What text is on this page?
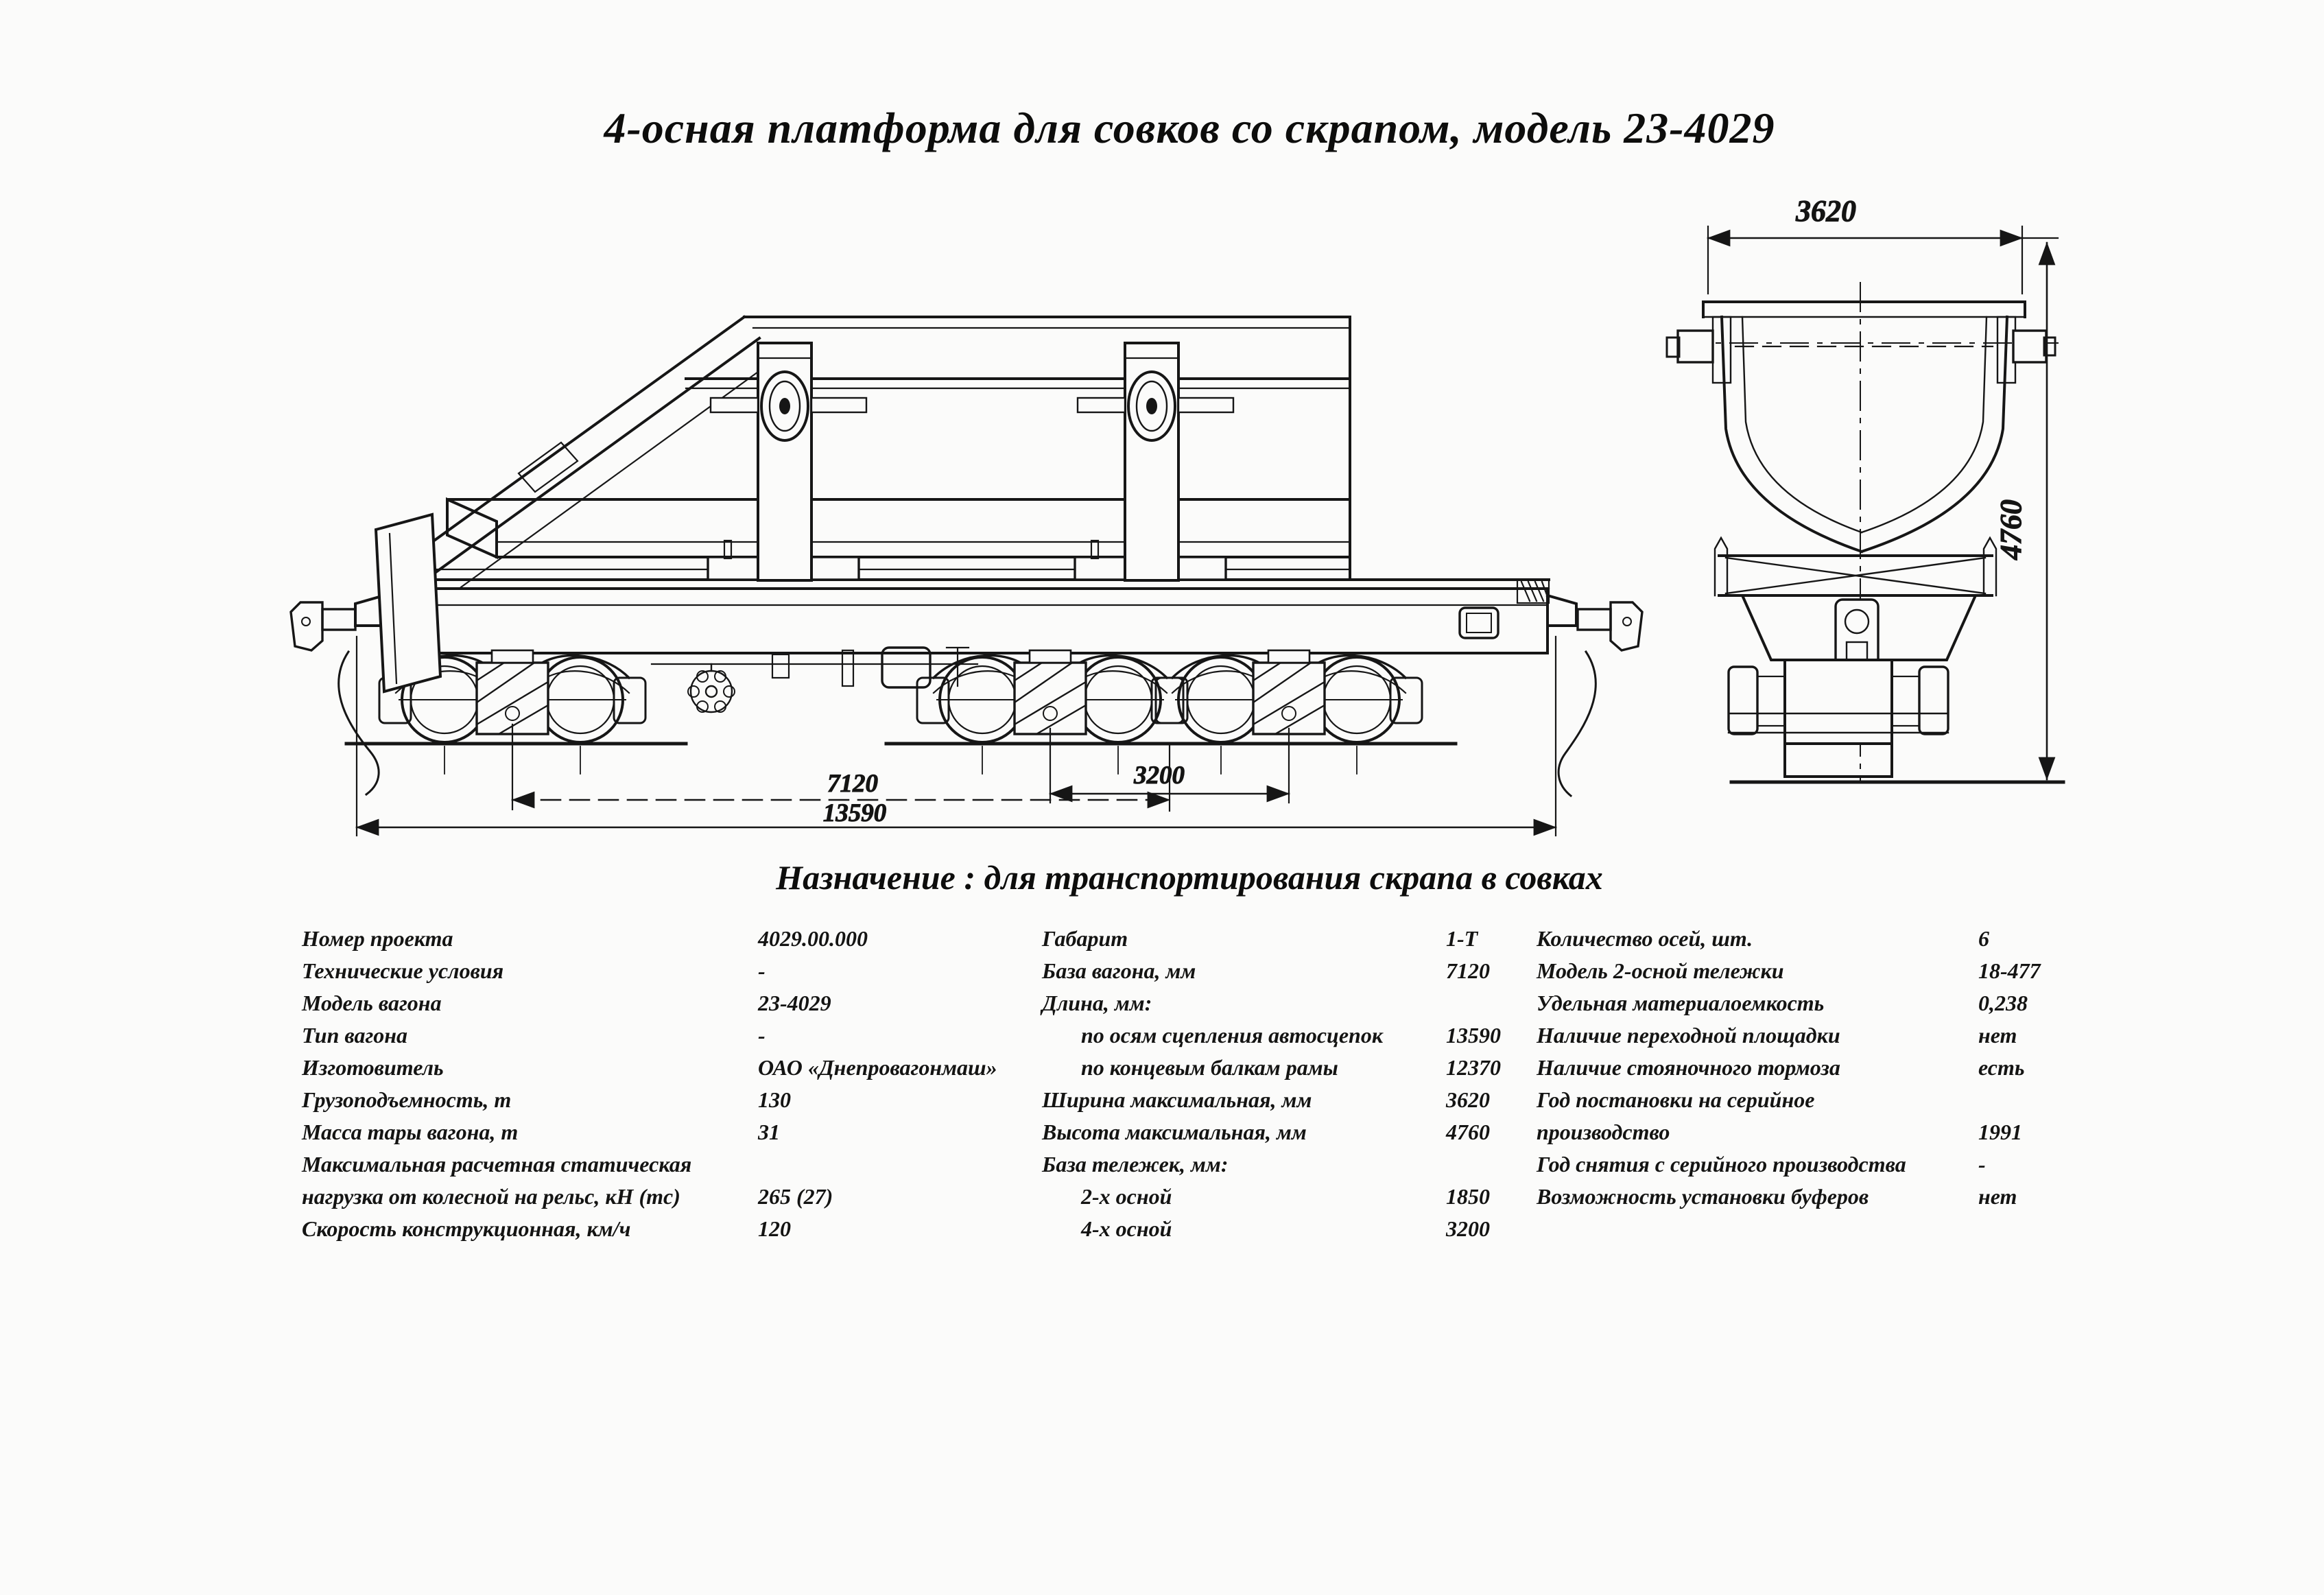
4-осная платформа для совков со скрапом, модель 23-4029
3200
7120
13590
3620
4760
Назначение : для транспортирования скрапа в совках
Номер проекта	4029.00.000
Технические условия	-
Модель вагона	23-4029
Тип вагона	-
Изготовитель	ОАО «Днепровагонмаш»
Грузоподъемность, т	130
Масса тары вагона, т	31
Максимальная расчетная статическая
нагрузка от колесной на рельс, кН (тс)	265 (27)
Скорость конструкционная, км/ч	120
Габарит	1-Т
База вагона, мм	7120
Длина, мм:
по осям сцепления автосцепок	13590
по концевым балкам рамы	12370
Ширина максимальная, мм	3620
Высота максимальная, мм	4760
База тележек, мм:
2-х осной	1850
4-х осной	3200
Количество осей, шт.	6
Модель 2-осной тележки	18-477
Удельная материалоемкость	0,238
Наличие переходной площадки	нет
Наличие стояночного тормоза	есть
Год постановки на серийное
производство	1991
Год снятия с серийного производства	-
Возможность установки буферов	нет
